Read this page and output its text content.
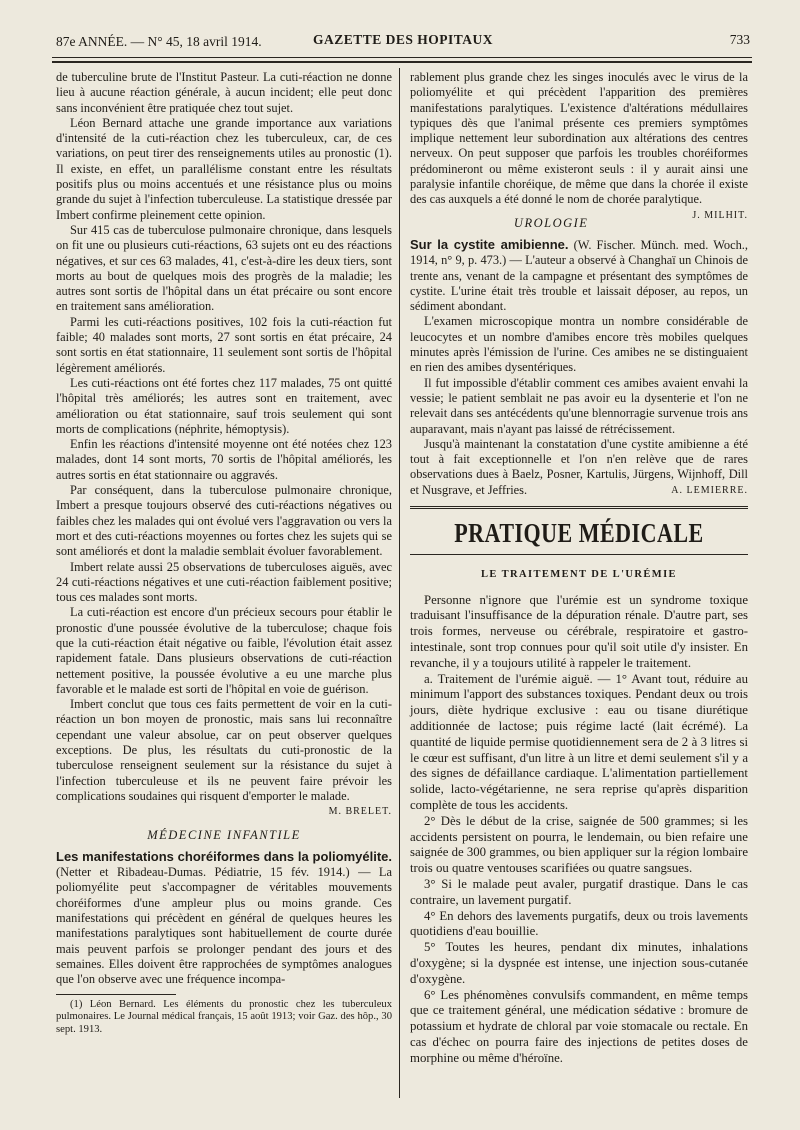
87e ANNÉE. — N° 45, 18 avril 1914.	GAZETTE DES HOPITAUX	733

de tuberculine brute de l'Institut Pasteur. La cuti-réaction ne donne lieu à aucune réaction générale, à aucun incident; elle peut donc sans inconvénient être pratiquée chez tout sujet.

Léon Bernard attache une grande importance aux variations d'intensité de la cuti-réaction chez les tuberculeux, car, de ces variations, on peut tirer des renseignements utiles au pronostic (1). Il existe, en effet, un parallélisme constant entre les résultats positifs plus ou moins accentués et une résistance plus ou moins grande du sujet à l'infection tuberculeuse. La statistique dressée par Imbert confirme pleinement cette opinion.

Sur 415 cas de tuberculose pulmonaire chronique, dans lesquels on fit une ou plusieurs cuti-réactions, 63 sujets ont eu des réactions négatives, et sur ces 63 malades, 41, c'est-à-dire les deux tiers, sont morts au bout de quelques mois des progrès de la maladie; les autres sont sortis de l'hôpital dans un état précaire ou sont encore en traitement sans amélioration.

Parmi les cuti-réactions positives, 102 fois la cuti-réaction fut faible; 40 malades sont morts, 27 sont sortis en état précaire, 24 sont sortis en état stationnaire, 11 seulement sont sortis de l'hôpital légèrement améliorés.

Les cuti-réactions ont été fortes chez 117 malades, 75 ont quitté l'hôpital très améliorés; les autres sont en traitement, avec amélioration ou état stationnaire, sauf trois seulement qui sont morts de complications (néphrite, hémoptysis).

Enfin les réactions d'intensité moyenne ont été notées chez 123 malades, dont 14 sont morts, 70 sortis de l'hôpital améliorés, les autres sortis en état stationnaire ou aggravés.

Par conséquent, dans la tuberculose pulmonaire chronique, Imbert a presque toujours observé des cuti-réactions négatives ou faibles chez les malades qui ont évolué vers l'aggravation ou vers la mort et des cuti-réactions moyennes ou fortes chez les sujets qui se sont améliorés et dont la maladie semblait évoluer favorablement.

Imbert relate aussi 25 observations de tuberculoses aiguës, avec 24 cuti-réactions négatives et une cuti-réaction faiblement positive; tous ces malades sont morts.

La cuti-réaction est encore d'un précieux secours pour établir le pronostic d'une poussée évolutive de la tuberculose; chaque fois que la cuti-réaction était négative ou faible, l'évolution était assez rapidement fatale. Dans plusieurs observations de cuti-réaction nettement positive, la poussée évolutive a eu une marche plus favorable et le malade est sorti de l'hôpital en voie de guérison.

Imbert conclut que tous ces faits permettent de voir en la cuti-réaction un bon moyen de pronostic, mais sans lui reconnaître cependant une valeur absolue, car on peut observer quelques exceptions. De plus, les résultats du cuti-pronostic de la tuberculose renseignent seulement sur la résistance du sujet à l'infection tuberculeuse et ils ne peuvent faire prévoir les complications soudaines qui risquent d'emporter le malade.

M. BRELET.
MÉDECINE INFANTILE

Les manifestations choréiformes dans la poliomyélite. (Netter et Ribadeau-Dumas. Pédiatrie, 15 fév. 1914.) — La poliomyélite peut s'accompagner de véritables mouvements choréiformes d'une ampleur plus ou moins grande. Ces manifestations qui précèdent en général de quelques heures les manifestations paralytiques sont habituellement de courte durée mais peuvent parfois se prolonger pendant des jours et des semaines. Elles doivent être rapprochées de symptômes analogues que l'on observe avec une fréquence incompa-

(1) Léon Bernard. Les éléments du pronostic chez les tuberculeux pulmonaires. Le Journal médical français, 15 août 1913; voir Gaz. des hôp., 30 sept. 1913.

rablement plus grande chez les singes inoculés avec le virus de la poliomyélite et qui précèdent l'apparition des premières manifestations paralytiques. L'existence d'altérations médullaires typiques dès que l'animal présente ces premiers symptômes implique nettement leur subordination aux altérations des centres nerveux. On peut supposer que parfois les troubles choréiformes prédomineront ou même existeront seuls : il y aurait ainsi une paralysie infantile choréique, de même que dans la chorée il existe des cas auxquels a été donné le nom de chorée paralytique.
J. MILHIT.

UROLOGIE

Sur la cystite amibienne. (W. Fischer. Münch. med. Woch., 1914, n° 9, p. 473.) — L'auteur a observé à Changhaï un Chinois de trente ans, venant de la campagne et présentant des symptômes de cystite. L'urine était très trouble et laissait déposer, au repos, un sédiment abondant.

L'examen microscopique montra un nombre considérable de leucocytes et un nombre d'amibes encore très mobiles quelques minutes après l'émission de l'urine. Ces amibes ne se distinguaient en rien des amibes dysentériques.

Il fut impossible d'établir comment ces amibes avaient envahi la vessie; le patient semblait ne pas avoir eu la dysenterie et l'on ne relevait dans ses antécédents qu'une blennorragie survenue trois ans auparavant, mais n'ayant pas laissé de rétrécissement.

Jusqu'à maintenant la constatation d'une cystite amibienne a été tout à fait exceptionnelle et l'on n'en relève que de rares observations dues à Baelz, Posner, Kartulis, Jürgens, Wijnhoff, Dill et Nusgrave, et Jeffries.	A. LEMIERRE.

PRATIQUE MÉDICALE
LE TRAITEMENT DE L'URÉMIE

Personne n'ignore que l'urémie est un syndrome toxique traduisant l'insuffisance de la dépuration rénale. D'autre part, ses trois formes, nerveuse ou cérébrale, respiratoire et gastro-intestinale, sont trop connues pour qu'il soit utile d'y insister. En revanche, il y a toujours utilité à rappeler le traitement.

a. Traitement de l'urémie aiguë. — 1° Avant tout, réduire au minimum l'apport des substances toxiques. Pendant deux ou trois jours, diète hydrique exclusive : eau ou tisane diurétique additionnée de lactose; puis régime lacté (lait écrémé). La quantité de liquide permise quotidiennement sera de 2 à 3 litres si le cœur est suffisant, d'un litre à un litre et demi seulement s'il y a des signes de défaillance cardiaque. L'alimentation partiellement solide, lacto-végétarienne, ne sera reprise qu'après disparition complète de tous les accidents.

2° Dès le début de la crise, saignée de 500 grammes; si les accidents persistent on pourra, le lendemain, ou bien refaire une saignée de 300 grammes, ou bien appliquer sur la région lombaire trois ou quatre ventouses scarifiées ou quatre sangsues.

3° Si le malade peut avaler, purgatif drastique. Dans le cas contraire, un lavement purgatif.

4° En dehors des lavements purgatifs, deux ou trois lavements quotidiens d'eau bouillie.

5° Toutes les heures, pendant dix minutes, inhalations d'oxygène; si la dyspnée est intense, une injection sous-cutanée d'oxygène.

6° Les phénomènes convulsifs commandent, en même temps que ce traitement général, une médication sédative : bromure de potassium et hydrate de chloral par voie stomacale ou rectale. En cas d'échec on pourra faire des injections de petites doses de morphine ou même d'héroïne.
